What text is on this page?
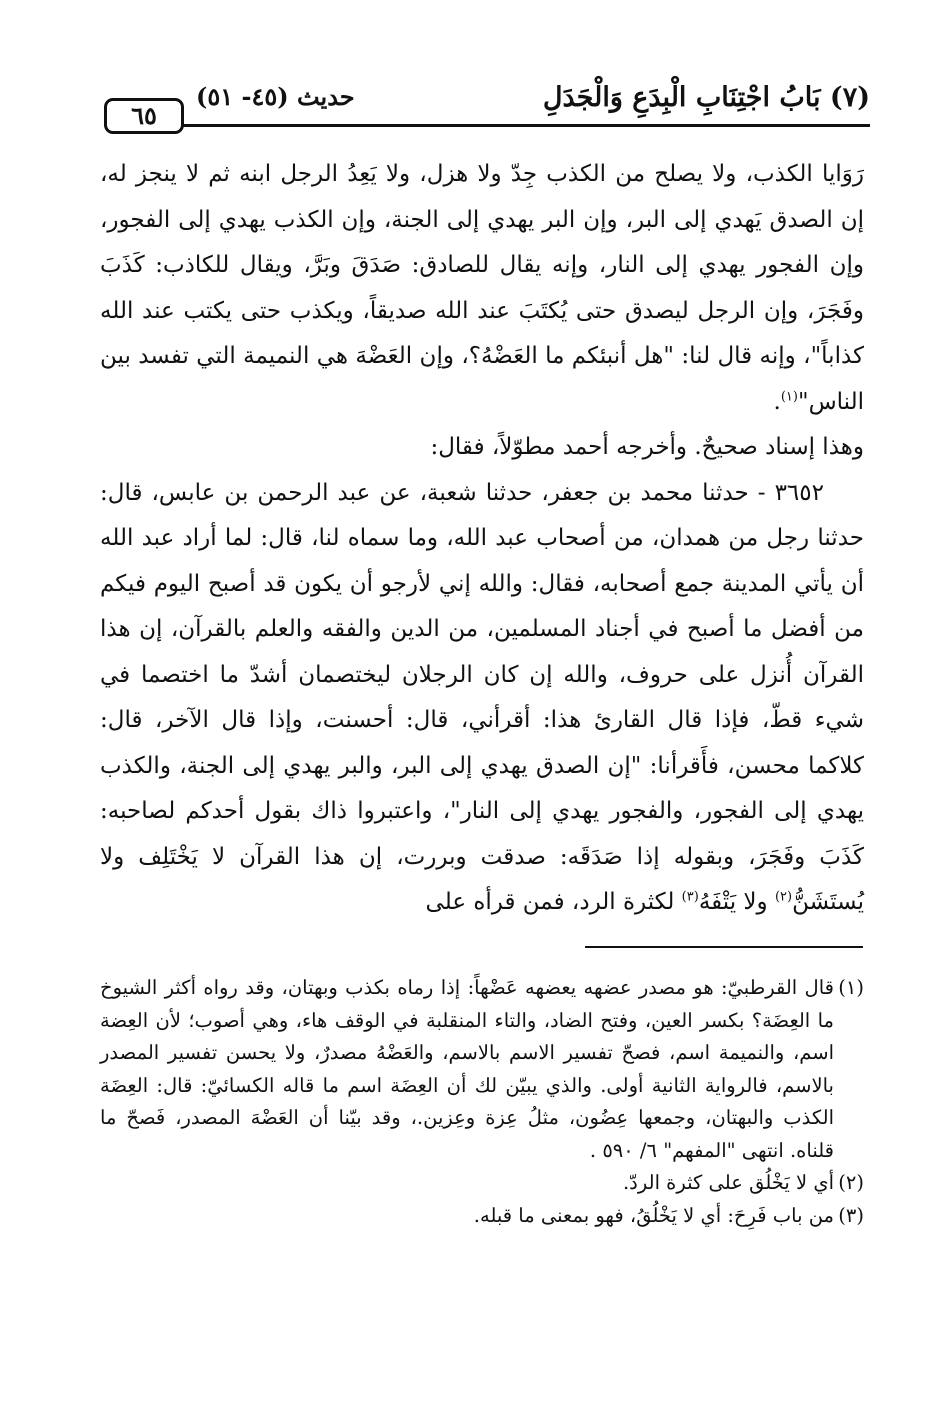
(٧) بَابُ اجْتِنَابِ الْبِدَعِ وَالْجَدَلِ
حديث (٤٥- ٥١)
٦٥

رَوَايا الكذب، ولا يصلح من الكذب جِدّ ولا هزل، ولا يَعِدُ الرجل ابنه ثم لا ينجز له، إن الصدق يَهدي إلى البر، وإن البر يهدي إلى الجنة، وإن الكذب يهدي إلى الفجور، وإن الفجور يهدي إلى النار، وإنه يقال للصادق: صَدَقَ وبَرَّ، ويقال للكاذب: كَذَبَ وفَجَرَ، وإن الرجل ليصدق حتى يُكتَبَ عند الله صديقاً، ويكذب حتى يكتب عند الله كذاباً"، وإنه قال لنا: "هل أنبئكم ما العَضْهُ؟، وإن العَضْهَ هي النميمة التي تفسد بين الناس"$^{(١)}$.

وهذا إسناد صحيحٌ. وأخرجه أحمد مطوّلاً، فقال:

٣٦٥٢ - حدثنا محمد بن جعفر، حدثنا شعبة، عن عبد الرحمن بن عابس، قال: حدثنا رجل من همدان، من أصحاب عبد الله، وما سماه لنا، قال: لما أراد عبد الله أن يأتي المدينة جمع أصحابه، فقال: والله إني لأرجو أن يكون قد أصبح اليوم فيكم من أفضل ما أصبح في أجناد المسلمين، من الدين والفقه والعلم بالقرآن، إن هذا القرآن أُنزل على حروف، والله إن كان الرجلان ليختصمان أشدّ ما اختصما في شيء قطّ، فإذا قال القارئ هذا: أقرأني، قال: أحسنت، وإذا قال الآخر، قال: كلاكما محسن، فأَقرأنا: "إن الصدق يهدي إلى البر، والبر يهدي إلى الجنة، والكذب يهدي إلى الفجور، والفجور يهدي إلى النار"، واعتبروا ذاك بقول أحدكم لصاحبه: كَذَبَ وفَجَرَ، وبقوله إذا صَدَقَه: صدقت وبررت، إن هذا القرآن لا يَخْتَلِف ولا يُستَشَنُّ$^{(٢)}$ ولا يَتْفَهُ$^{(٣)}$ لكثرة الرد، فمن قرأه على

(١)قال القرطبيّ: هو مصدر عضهه يعضهه عَضْهاً: إذا رماه بكذب وبهتان، وقد رواه أكثر الشيوخ ما العِضَة؟ بكسر العين، وفتح الضاد، والتاء المنقلبة في الوقف هاء، وهي أصوب؛ لأن العِضة اسم، والنميمة اسم، فصحّ تفسير الاسم بالاسم، والعَضْهُ مصدرٌ، ولا يحسن تفسير المصدر بالاسم، فالرواية الثانية أولى. والذي يبيّن لك أن العِضَة اسم ما قاله الكسائيّ: قال: العِضَة الكذب والبهتان، وجمعها عِضُون، مثلُ عِزة وعِزين.، وقد بيّنا أن العَضْهَ المصدر، فَصحّ ما قلناه. انتهى "المفهم" ٦/ ٥٩٠ .
(٢)أي لا يَخْلُق على كثرة الردّ.
(٣)من باب فَرِحَ: أي لا يَخْلُقُ، فهو بمعنى ما قبله.
